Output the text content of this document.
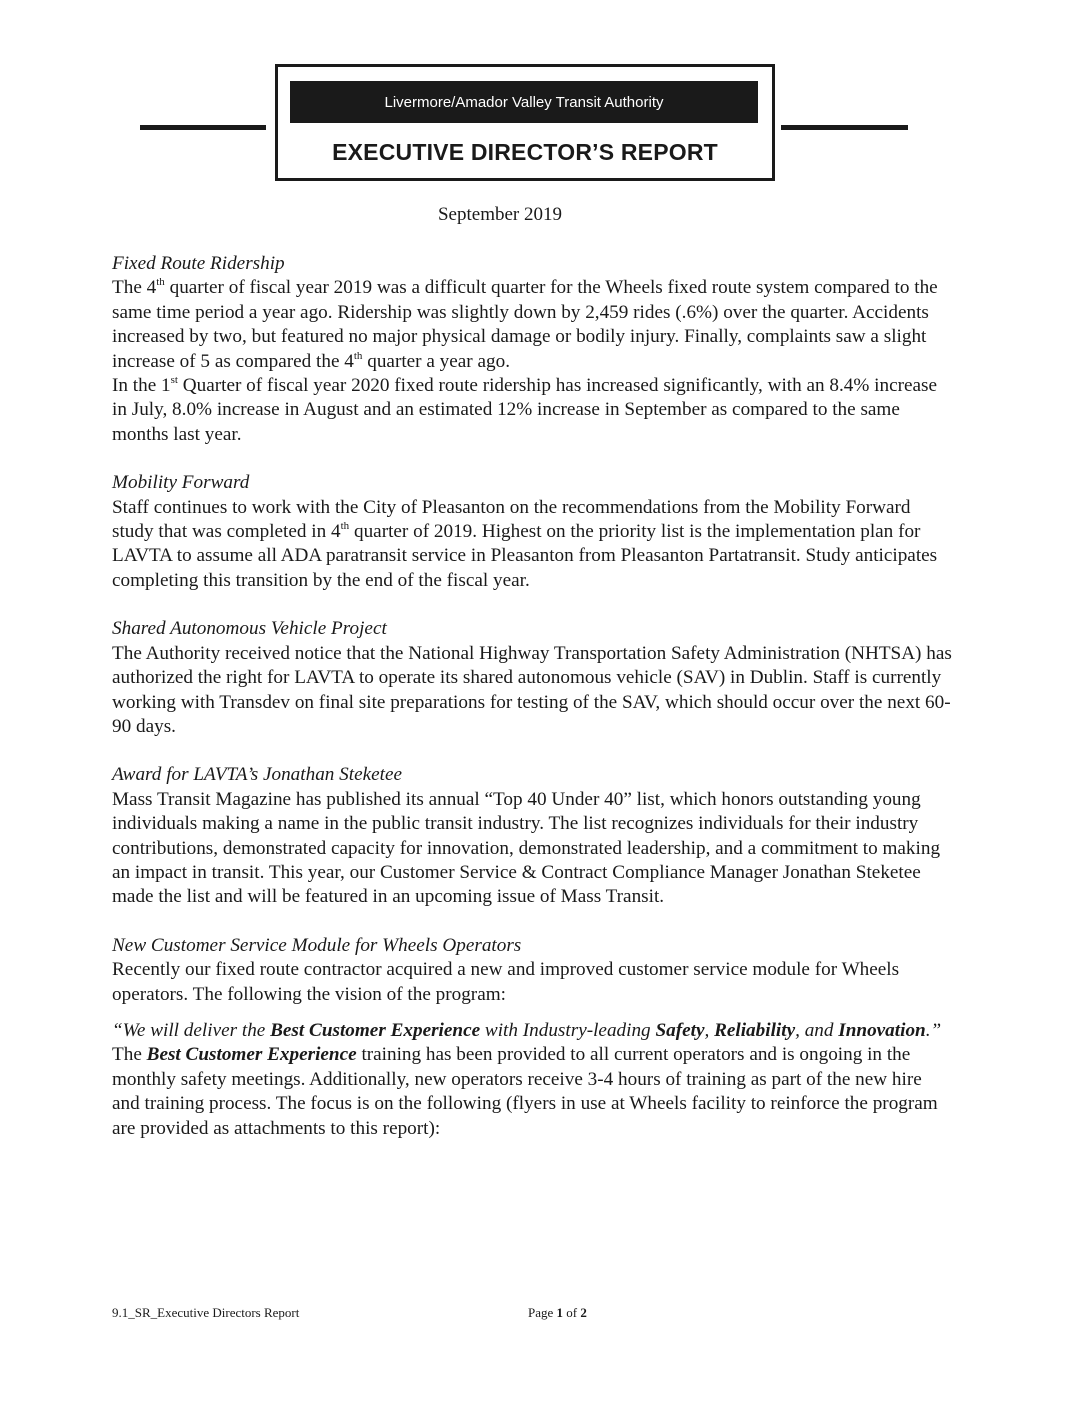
Livermore/Amador Valley Transit Authority
EXECUTIVE DIRECTOR’S REPORT
September 2019
Fixed Route Ridership

The 4th quarter of fiscal year 2019 was a difficult quarter for the Wheels fixed route system compared to the same time period a year ago. Ridership was slightly down by 2,459 rides (.6%) over the quarter. Accidents increased by two, but featured no major physical damage or bodily injury. Finally, complaints saw a slight increase of 5 as compared the 4th quarter a year ago.

In the 1st Quarter of fiscal year 2020 fixed route ridership has increased significantly, with an 8.4% increase in July, 8.0% increase in August and an estimated 12% increase in September as compared to the same months last year.

Mobility Forward

Staff continues to work with the City of Pleasanton on the recommendations from the Mobility Forward study that was completed in 4th quarter of 2019. Highest on the priority list is the implementation plan for LAVTA to assume all ADA paratransit service in Pleasanton from Pleasanton Partatransit. Study anticipates completing this transition by the end of the fiscal year.

Shared Autonomous Vehicle Project

The Authority received notice that the National Highway Transportation Safety Administration (NHTSA) has authorized the right for LAVTA to operate its shared autonomous vehicle (SAV) in Dublin. Staff is currently working with Transdev on final site preparations for testing of the SAV, which should occur over the next 60-90 days.

Award for LAVTA’s Jonathan Steketee

Mass Transit Magazine has published its annual “Top 40 Under 40” list, which honors outstanding young individuals making a name in the public transit industry. The list recognizes individuals for their industry contributions, demonstrated capacity for innovation, demonstrated leadership, and a commitment to making an impact in transit. This year, our Customer Service & Contract Compliance Manager Jonathan Steketee made the list and will be featured in an upcoming issue of Mass Transit.

New Customer Service Module for Wheels Operators

Recently our fixed route contractor acquired a new and improved customer service module for Wheels operators. The following the vision of the program:

“We will deliver the Best Customer Experience with Industry-leading Safety, Reliability, and Innovation.”

The Best Customer Experience training has been provided to all current operators and is ongoing in the monthly safety meetings. Additionally, new operators receive 3-4 hours of training as part of the new hire and training process. The focus is on the following (flyers in use at Wheels facility to reinforce the program are provided as attachments to this report):

9.1_SR_Executive Directors Report	Page 1 of 2
